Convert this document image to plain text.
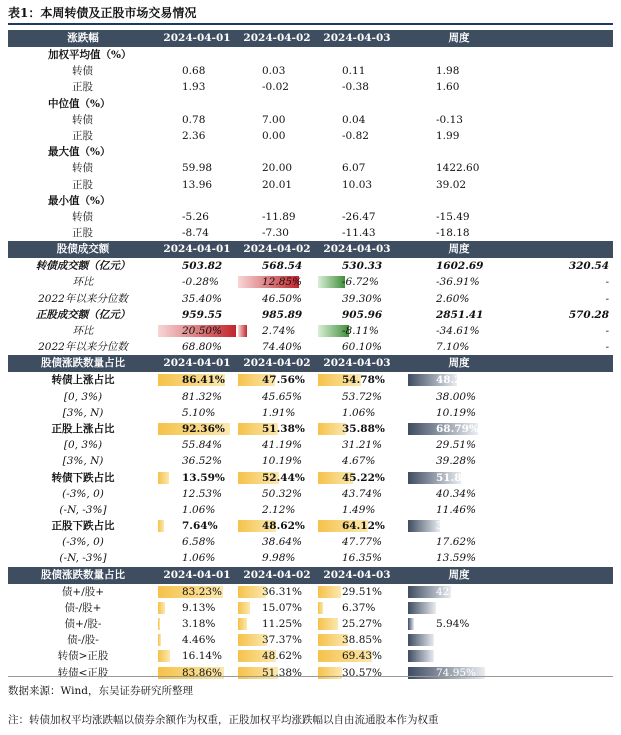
表1：本周转债及正股市场交易情况
涨跌幅	2024-04-01	2024-04-02	2024-04-03	周度
加权平均值（%）
转债	0.68	0.03	0.11	1.98
正股	1.93	-0.02	-0.38	1.60
中位值（%）
转债	0.78	7.00	0.04	-0.13
正股	2.36	0.00	-0.82	1.99
最大值（%）
转债	59.98	20.00	6.07	1422.60
正股	13.96	20.01	10.03	39.02
最小值（%）
转债	-5.26	-11.89	-26.47	-15.49
正股	-8.74	-7.30	-11.43	-18.18
股债成交额	2024-04-01	2024-04-02	2024-04-03	周度
转债成交额（亿元）	503.82	568.54	530.33	1602.69	320.54
环比	-0.28%	12.85%	-6.72%	-36.91%	-
2022年以来分位数	35.40%	46.50%	39.30%	2.60%	-
正股成交额（亿元）	959.55	985.89	905.96	2851.41	570.28
环比	20.50%	2.74%	-8.11%	-34.61%	-
2022年以来分位数	68.80%	74.40%	60.10%	7.10%	-
股债涨跌数量占比	2024-04-01	2024-04-02	2024-04-03	周度
转债上涨占比	86.41%	47.56%	54.78%	48.20%
[0, 3%)	81.32%	45.65%	53.72%	38.00%
[3%, N)	5.10%	1.91%	1.06%	10.19%
正股上涨占比	92.36%	51.38%	35.88%	68.79%
[0, 3%)	55.84%	41.19%	31.21%	29.51%
[3%, N)	36.52%	10.19%	4.67%	39.28%
转债下跌占比	13.59%	52.44%	45.22%	51.80%
(-3%, 0)	12.53%	50.32%	43.74%	40.34%
(-N, -3%]	1.06%	2.12%	1.49%	11.46%
正股下跌占比	7.64%	48.62%	64.12%	31.21%
(-3%, 0)	6.58%	38.64%	47.77%	17.62%
(-N, -3%]	1.06%	9.98%	16.35%	13.59%
股债涨跌数量占比	2024-04-01	2024-04-02	2024-04-03	周度
债+/股+	83.23%	36.31%	29.51%	42.25%
债-/股+	9.13%	15.07%	6.37%	26.54%
债+/股-	3.18%	11.25%	25.27%	5.94%
债-/股-	4.46%	37.37%	38.85%	25.27%
转债>正股	16.14%	48.62%	69.43%	25.05%
转债<正股	83.86%	51.38%	30.57%	74.95%
数据来源：Wind，东吴证券研究所整理
注：转债加权平均涨跌幅以债券余额作为权重，正股加权平均涨跌幅以自由流通股本作为权重
